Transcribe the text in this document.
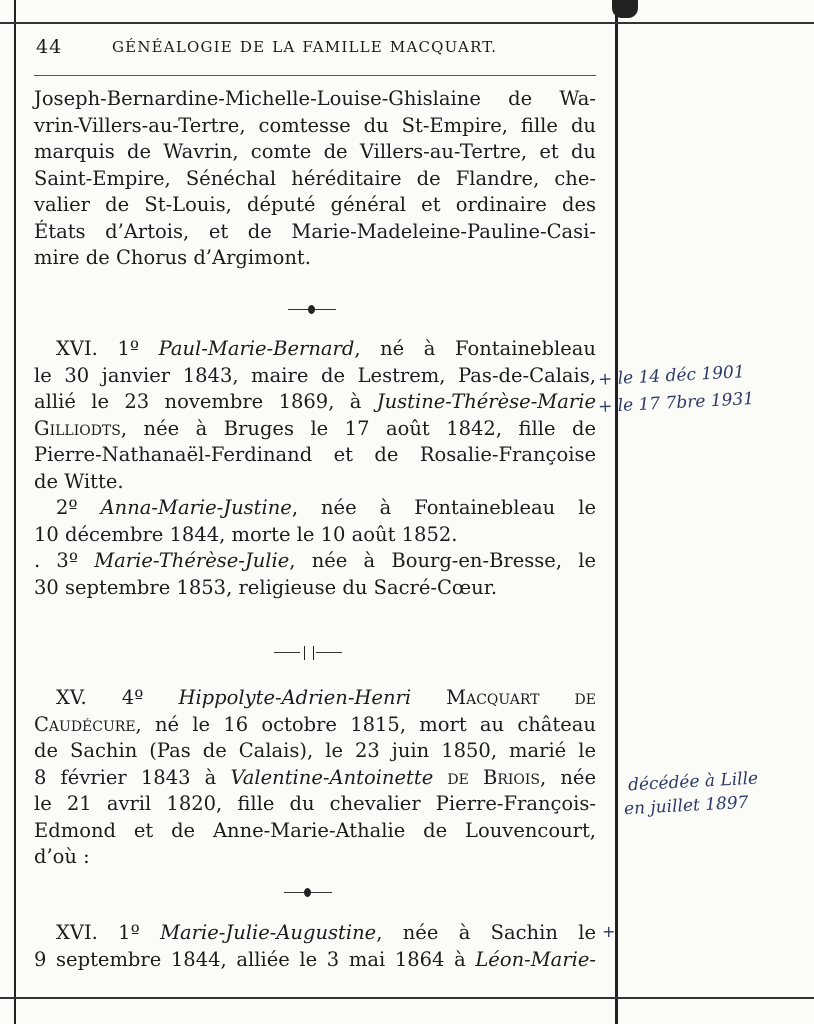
44	GÉNÉALOGIE DE LA FAMILLE MACQUART.
Joseph-Bernardine-Michelle-Louise-Ghislaine de Wa-
vrin-Villers-au-Tertre, comtesse du St-Empire, fille du
marquis de Wavrin, comte de Villers-au-Tertre, et du
Saint-Empire, Sénéchal héréditaire de Flandre, che-
valier de St-Louis, député général et ordinaire des
États d’Artois, et de Marie-Madeleine-Pauline-Casi-
mire de Chorus d’Argimont.
XVI. 1º Paul-Marie-Bernard, né à Fontainebleau
le 30 janvier 1843, maire de Lestrem, Pas-de-Calais,
allié le 23 novembre 1869, à Justine-Thérèse-Marie
Gilliodts, née à Bruges le 17 août 1842, fille de
Pierre-Nathanaël-Ferdinand et de Rosalie-Françoise
de Witte.
2º Anna-Marie-Justine, née à Fontainebleau le
10 décembre 1844, morte le 10 août 1852.
. 3º Marie-Thérèse-Julie, née à Bourg-en-Bresse, le
30 septembre 1853, religieuse du Sacré-Cœur.
XV. 4º Hippolyte-Adrien-Henri Macquart de
Caudécure, né le 16 octobre 1815, mort au château
de Sachin (Pas de Calais), le 23 juin 1850, marié le
8 février 1843 à Valentine-Antoinette de Briois, née
le 21 avril 1820, fille du chevalier Pierre-François-
Edmond et de Anne-Marie-Athalie de Louvencourt,
d’où :
XVI. 1º Marie-Julie-Augustine, née à Sachin le
9 septembre 1844, alliée le 3 mai 1864 à Léon-Marie-
+ le 14 déc 1901
+ le 17 7bre 1931
décédée à Lille
en juillet 1897
+
